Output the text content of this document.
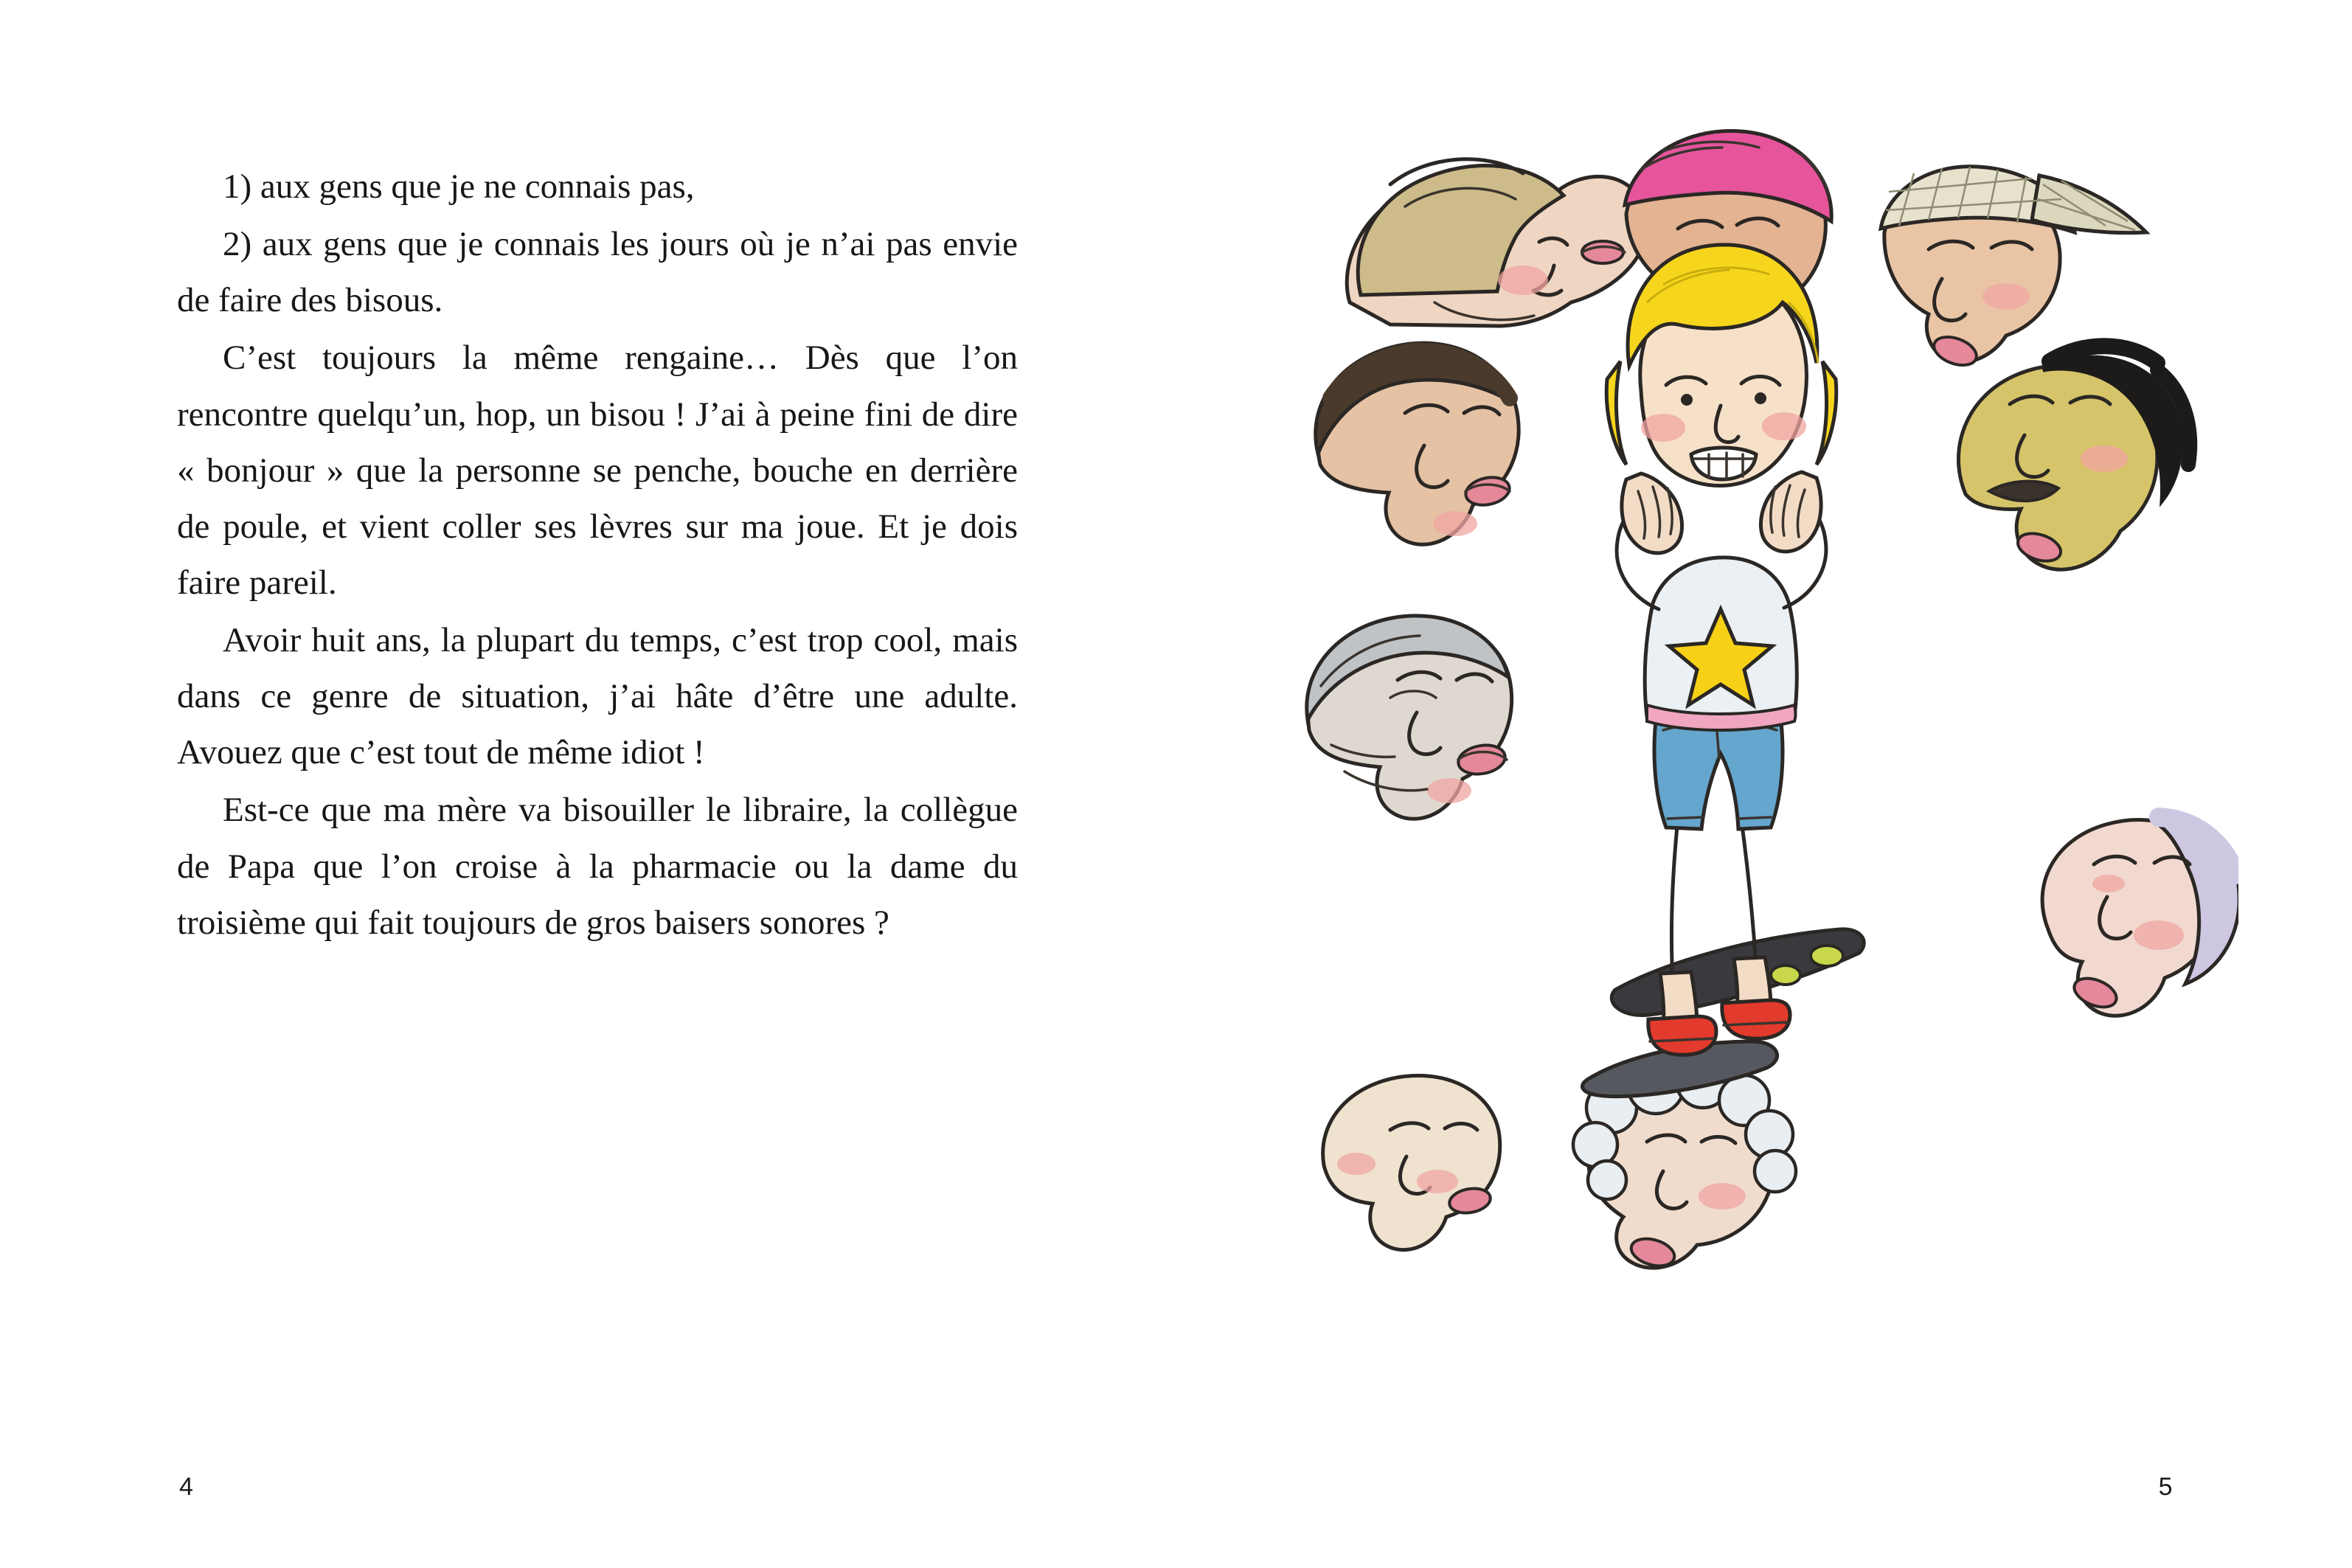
1) aux gens que je ne connais pas,

2) aux gens que je connais les jours où je n’ai pas envie de faire des bisous.

C’est toujours la même rengaine… Dès que l’on rencontre quelqu’un, hop, un bisou ! J’ai à peine fini de dire « bonjour » que la personne se penche, bouche en derrière de poule, et vient coller ses lèvres sur ma joue. Et je dois faire pareil.

Avoir huit ans, la plupart du temps, c’est trop cool, mais dans ce genre de situation, j’ai hâte d’être une adulte. Avouez que c’est tout de même idiot !

Est-ce que ma mère va bisouiller le libraire, la collègue de Papa que l’on croise à la pharmacie ou la dame du troisième qui fait toujours de gros baisers sonores ?

4	5
